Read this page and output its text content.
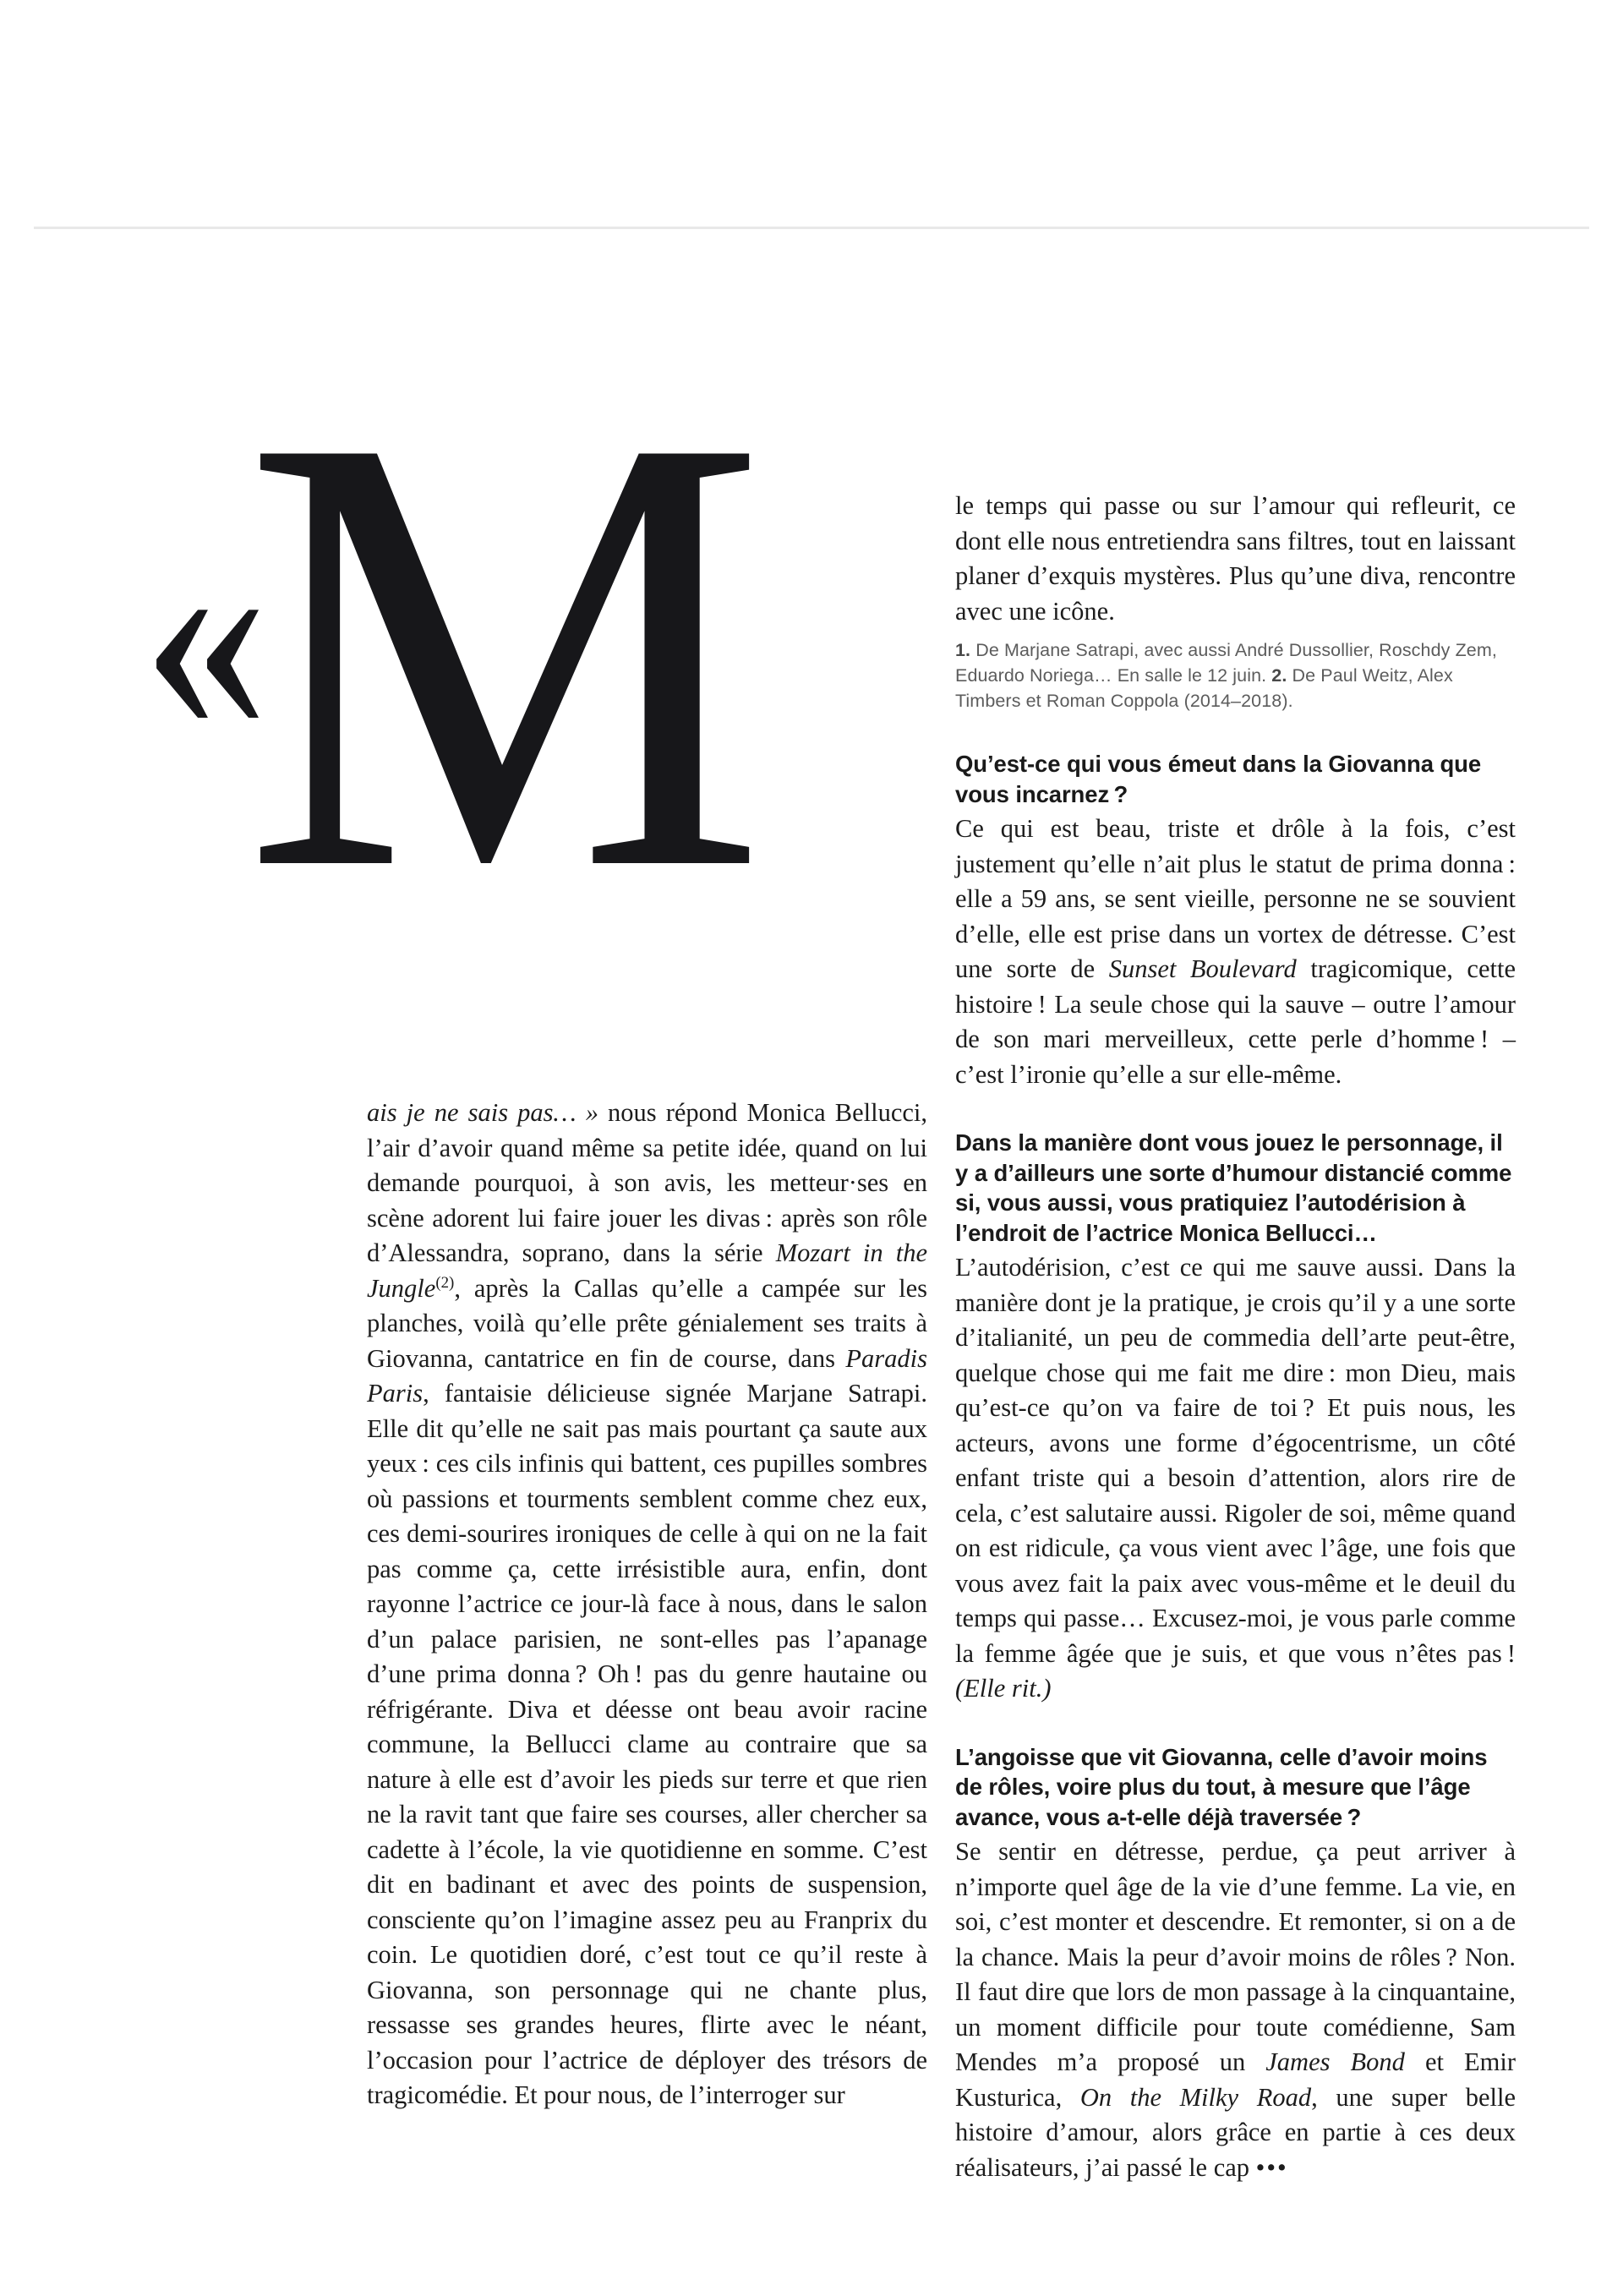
«
M

ais je ne sais pas… » nous répond Monica Bellucci, l’air d’avoir quand même sa petite idée, quand on lui demande pourquoi, à son avis, les metteur·ses en scène adorent lui faire jouer les divas : après son rôle d’Alessandra, soprano, dans la série Mozart in the Jungle$^{(2)}$, après la Callas qu’elle a campée sur les planches, voilà qu’elle prête génialement ses traits à Giovanna, cantatrice en fin de course, dans Paradis Paris, fantaisie délicieuse signée Marjane Satrapi. Elle dit qu’elle ne sait pas mais pourtant ça saute aux yeux : ces cils infinis qui battent, ces pupilles sombres où passions et tourments semblent comme chez eux, ces demi-sourires ironiques de celle à qui on ne la fait pas comme ça, cette irrésistible aura, enfin, dont rayonne l’actrice ce jour-là face à nous, dans le salon d’un palace parisien, ne sont-elles pas l’apanage d’une prima donna ? Oh ! pas du genre hautaine ou réfrigérante. Diva et déesse ont beau avoir racine commune, la Bellucci clame au contraire que sa nature à elle est d’avoir les pieds sur terre et que rien ne la ravit tant que faire ses courses, aller chercher sa cadette à l’école, la vie quotidienne en somme. C’est dit en badinant et avec des points de suspension, consciente qu’on l’imagine assez peu au Franprix du coin. Le quotidien doré, c’est tout ce qu’il reste à Giovanna, son personnage qui ne chante plus, ressasse ses grandes heures, flirte avec le néant, l’occasion pour l’actrice de déployer des trésors de tragicomédie. Et pour nous, de l’interroger sur

le temps qui passe ou sur l’amour qui refleurit, ce dont elle nous entretiendra sans filtres, tout en laissant planer d’exquis mystères. Plus qu’une diva, rencontre avec une icône.

1. De Marjane Satrapi, avec aussi André Dussollier, Roschdy Zem, Eduardo Noriega… En salle le 12 juin. 2. De Paul Weitz, Alex Timbers et Roman Coppola (2014–2018).

Qu’est-ce qui vous émeut dans la Giovanna que vous incarnez ?

Ce qui est beau, triste et drôle à la fois, c’est justement qu’elle n’ait plus le statut de prima donna : elle a 59 ans, se sent vieille, personne ne se souvient d’elle, elle est prise dans un vortex de détresse. C’est une sorte de Sunset Boulevard tragicomique, cette histoire ! La seule chose qui la sauve – outre l’amour de son mari merveilleux, cette perle d’homme ! – c’est l’ironie qu’elle a sur elle-même.

Dans la manière dont vous jouez le personnage, il y a d’ailleurs une sorte d’humour distancié comme si, vous aussi, vous pratiquiez l’autodérision à l’endroit de l’actrice Monica Bellucci…

L’autodérision, c’est ce qui me sauve aussi. Dans la manière dont je la pratique, je crois qu’il y a une sorte d’italianité, un peu de commedia dell’arte peut-être, quelque chose qui me fait me dire : mon Dieu, mais qu’est-ce qu’on va faire de toi ? Et puis nous, les acteurs, avons une forme d’égocentrisme, un côté enfant triste qui a besoin d’attention, alors rire de cela, c’est salutaire aussi. Rigoler de soi, même quand on est ridicule, ça vous vient avec l’âge, une fois que vous avez fait la paix avec vous-même et le deuil du temps qui passe… Excusez-moi, je vous parle comme la femme âgée que je suis, et que vous n’êtes pas ! (Elle rit.)

L’angoisse que vit Giovanna, celle d’avoir moins de rôles, voire plus du tout, à mesure que l’âge avance, vous a-t-elle déjà traversée ?

Se sentir en détresse, perdue, ça peut arriver à n’importe quel âge de la vie d’une femme. La vie, en soi, c’est monter et descendre. Et remonter, si on a de la chance. Mais la peur d’avoir moins de rôles ? Non. Il faut dire que lors de mon passage à la cinquantaine, un moment difficile pour toute comédienne, Sam Mendes m’a proposé un James Bond et Emir Kusturica, On the Milky Road, une super belle histoire d’amour, alors grâce en partie à ces deux réalisateurs, j’ai passé le cap •••
